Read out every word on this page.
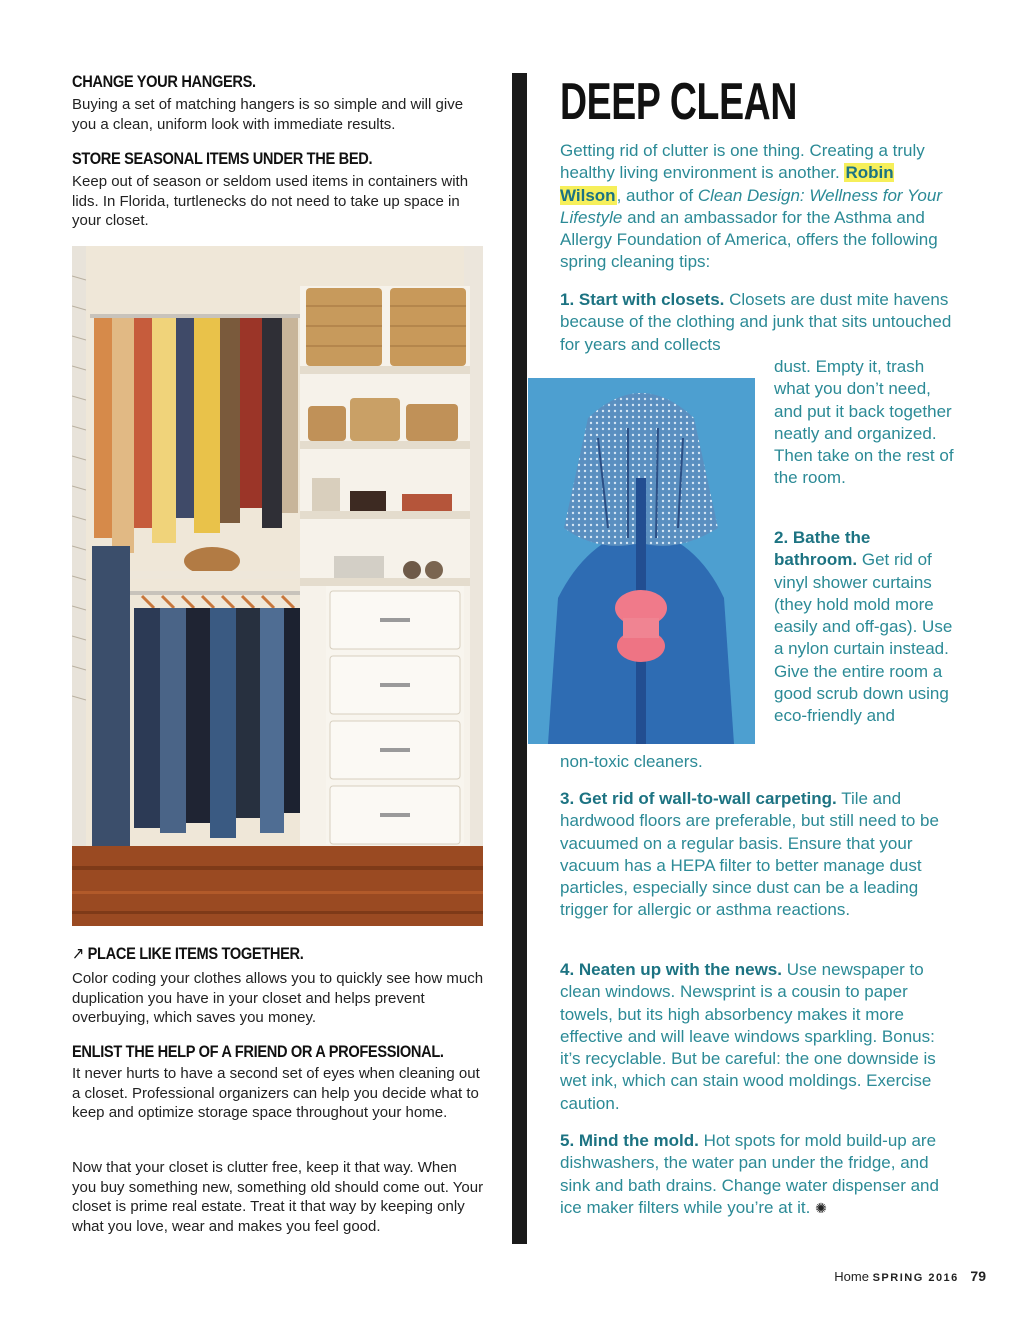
CHANGE YOUR HANGERS.
Buying a set of matching hangers is so simple and will give you a clean, uniform look with immediate results.
STORE SEASONAL ITEMS UNDER THE BED.
Keep out of season or seldom used items in containers with lids. In Florida, turtlenecks do not need to take up space in your closet.
↗ PLACE LIKE ITEMS TOGETHER.
Color coding your clothes allows you to quickly see how much duplication you have in your closet and helps prevent overbuying, which saves you money.
ENLIST THE HELP OF A FRIEND OR A PROFESSIONAL.
It never hurts to have a second set of eyes when cleaning out a closet. Professional organizers can help you decide what to keep and optimize storage space throughout your home.
Now that your closet is clutter free, keep it that way. When you buy something new, something old should come out. Your closet is prime real estate. Treat it that way by keeping only what you love, wear and makes you feel good.
DEEP CLEAN
Getting rid of clutter is one thing. Creating a truly healthy living environment is another. Robin Wilson, author of Clean Design: Wellness for Your Lifestyle and an ambassador for the Asthma and Allergy Foundation of America, offers the following spring cleaning tips:
1. Start with closets. Closets are dust mite havens because of the clothing and junk that sits untouched for years and collects
dust. Empty it, trash what you don’t need, and put it back together neatly and organized. Then take on the rest of the room.
2. Bathe the bathroom. Get rid of vinyl shower curtains (they hold mold more easily and off-gas). Use a nylon curtain instead. Give the entire room a good scrub down using eco-friendly and
non-toxic cleaners.
3. Get rid of wall-to-wall carpeting. Tile and hardwood floors are preferable, but still need to be vacuumed on a regular basis. Ensure that your vacuum has a HEPA filter to better manage dust particles, especially since dust can be a leading trigger for allergic or asthma reactions.
4. Neaten up with the news. Use newspaper to clean windows. Newsprint is a cousin to paper towels, but its high absorbency makes it more effective and will leave windows sparkling. Bonus: it’s recyclable. But be careful: the one downside is wet ink, which can stain wood moldings. Exercise caution.
5. Mind the mold. Hot spots for mold build-up are dishwashers, the water pan under the fridge, and sink and bath drains. Change water dispenser and ice maker filters while you’re at it. ✺
Home SPRING 2016 79
